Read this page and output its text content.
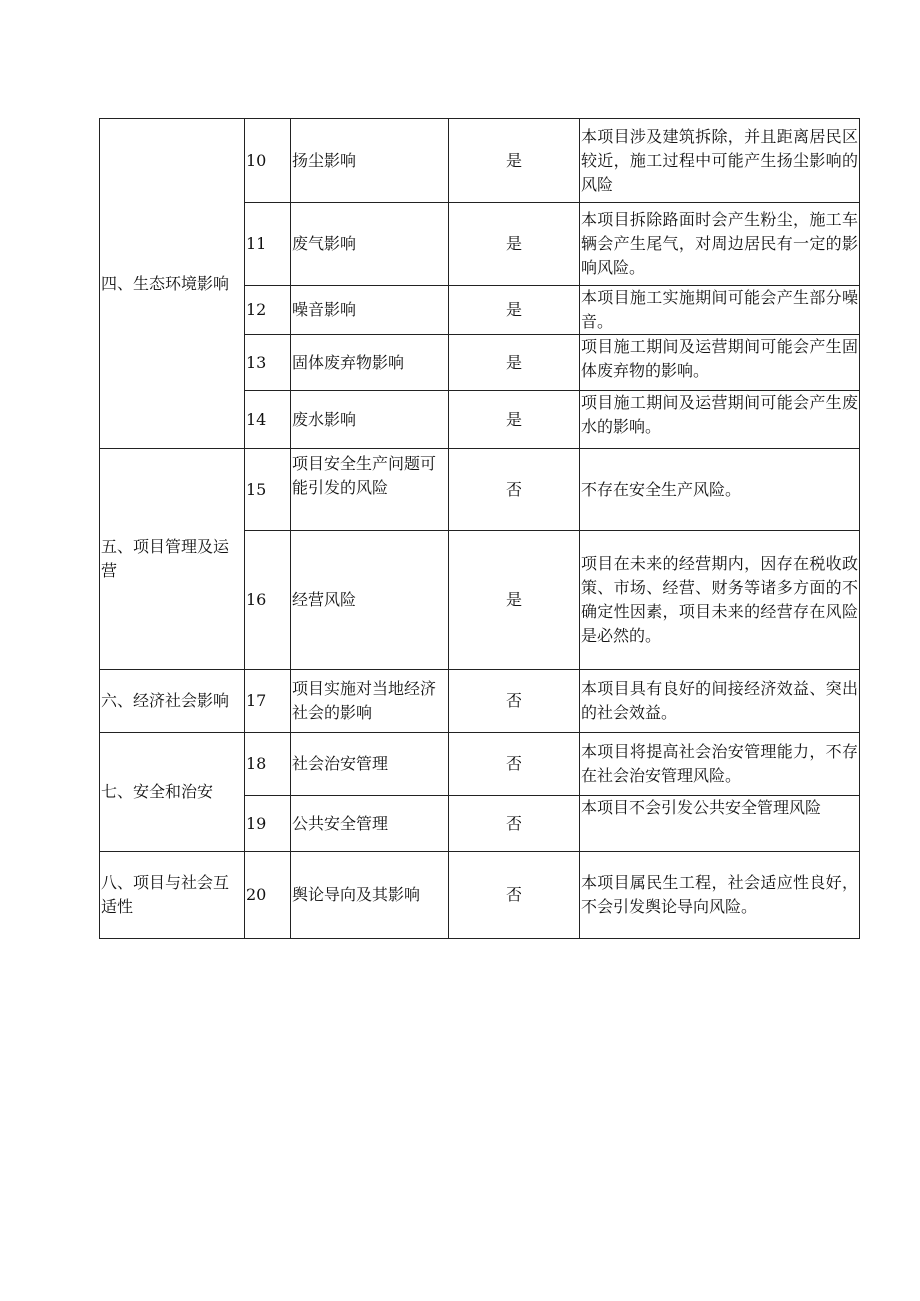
四、生态环境影响	10	扬尘影响	是	本项目涉及建筑拆除，并且距离居民区较近，施工过程中可能产生扬尘影响的风险
	11	废气影响	是	本项目拆除路面时会产生粉尘，施工车辆会产生尾气，对周边居民有一定的影响风险。
	12	噪音影响	是	本项目施工实施期间可能会产生部分噪音。
	13	固体废弃物影响	是	项目施工期间及运营期间可能会产生固体废弃物的影响。
	14	废水影响	是	项目施工期间及运营期间可能会产生废水的影响。
五、项目管理及运营	15	项目安全生产问题可能引发的风险	否	不存在安全生产风险。
	16	经营风险	是	项目在未来的经营期内，因存在税收政策、市场、经营、财务等诸多方面的不确定性因素，项目未来的经营存在风险是必然的。
六、经济社会影响	17	项目实施对当地经济社会的影响	否	本项目具有良好的间接经济效益、突出的社会效益。
七、安全和治安	18	社会治安管理	否	本项目将提高社会治安管理能力，不存在社会治安管理风险。
	19	公共安全管理	否	本项目不会引发公共安全管理风险
八、项目与社会互适性	20	舆论导向及其影响	否	本项目属民生工程，社会适应性良好，不会引发舆论导向风险。
